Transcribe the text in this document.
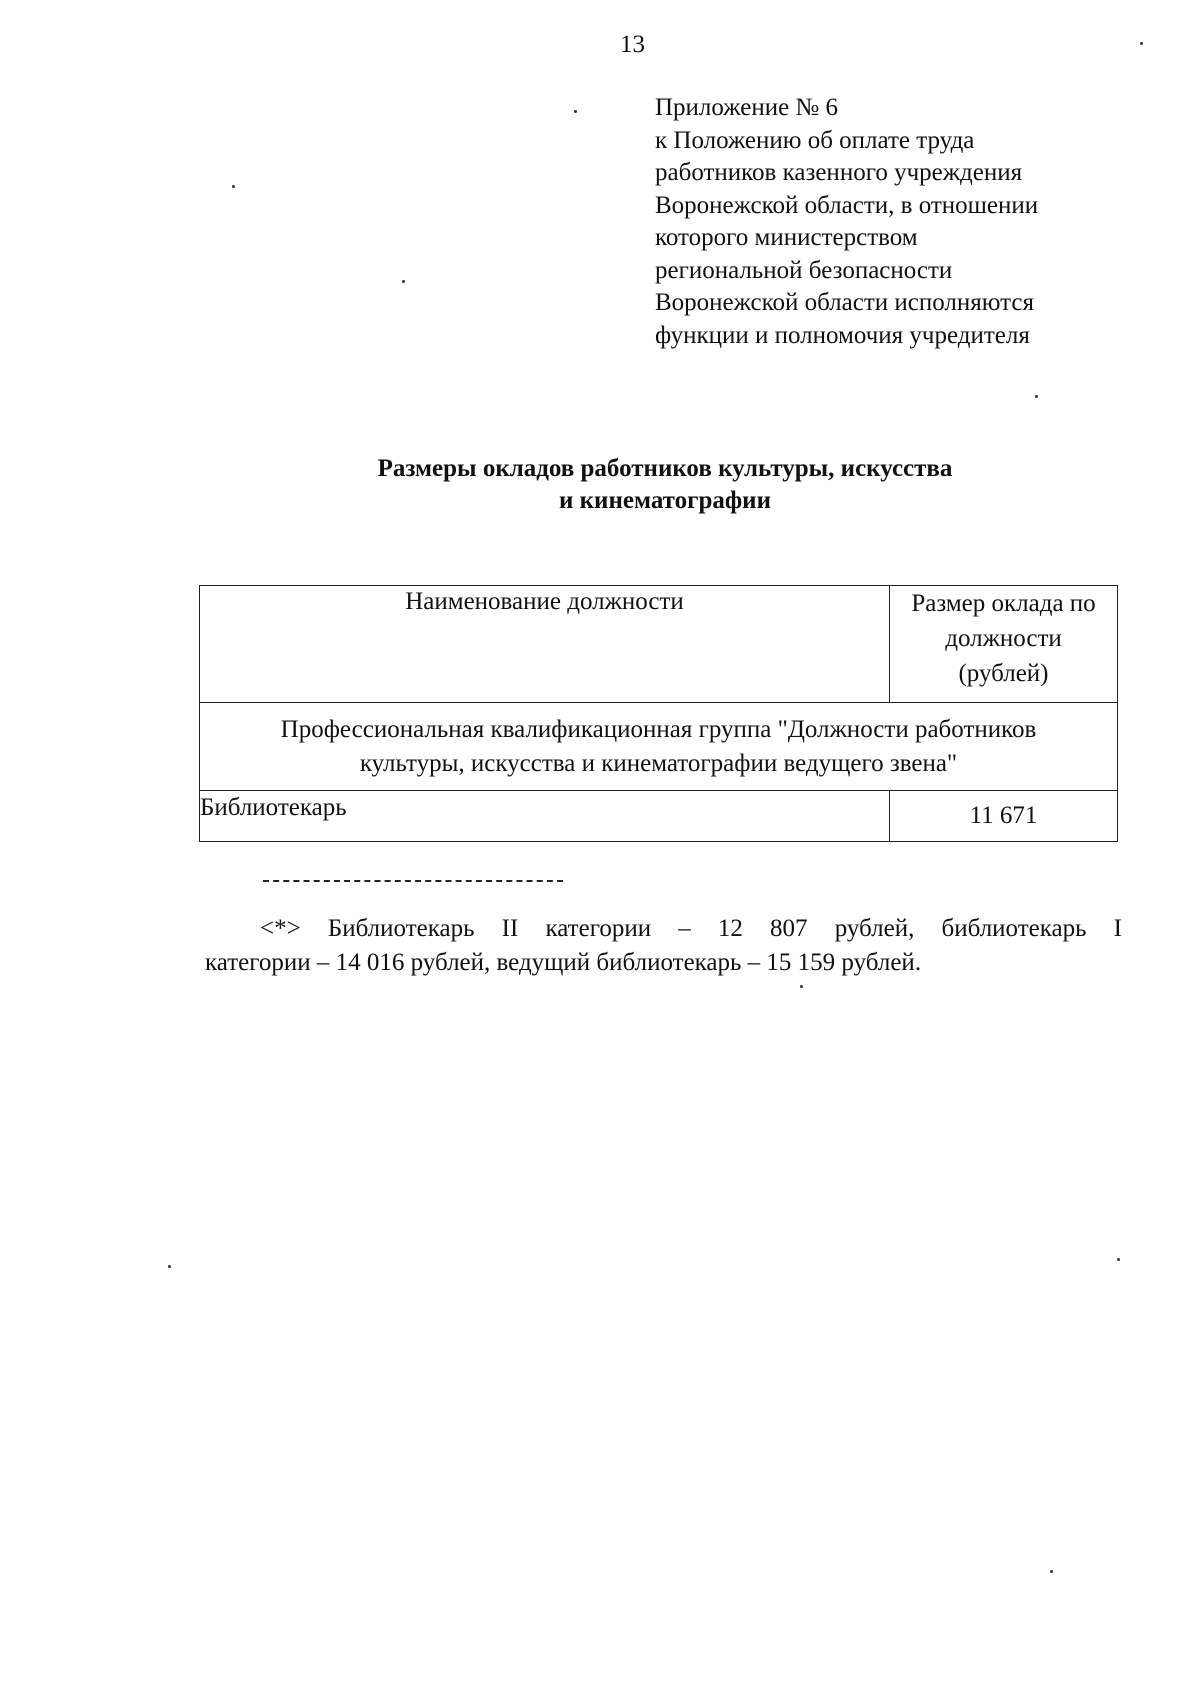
13
Приложение № 6
к Положению об оплате труда
работников казенного учреждения
Воронежской области, в отношении
которого министерством
региональной безопасности
Воронежской области исполняются
функции и полномочия учредителя
Размеры окладов работников культуры, искусства
и кинематографии
Наименование должности	Размер оклада по
должности
(рублей)

Профессиональная квалификационная группа "Должности работников
культуры, искусства и кинематографии ведущего звена"	

Библиотекарь	11 671
<*> Библиотекарь II категории – 12 807 рублей, библиотекарь I
категории – 14 016 рублей, ведущий библиотекарь – 15 159 рублей.
